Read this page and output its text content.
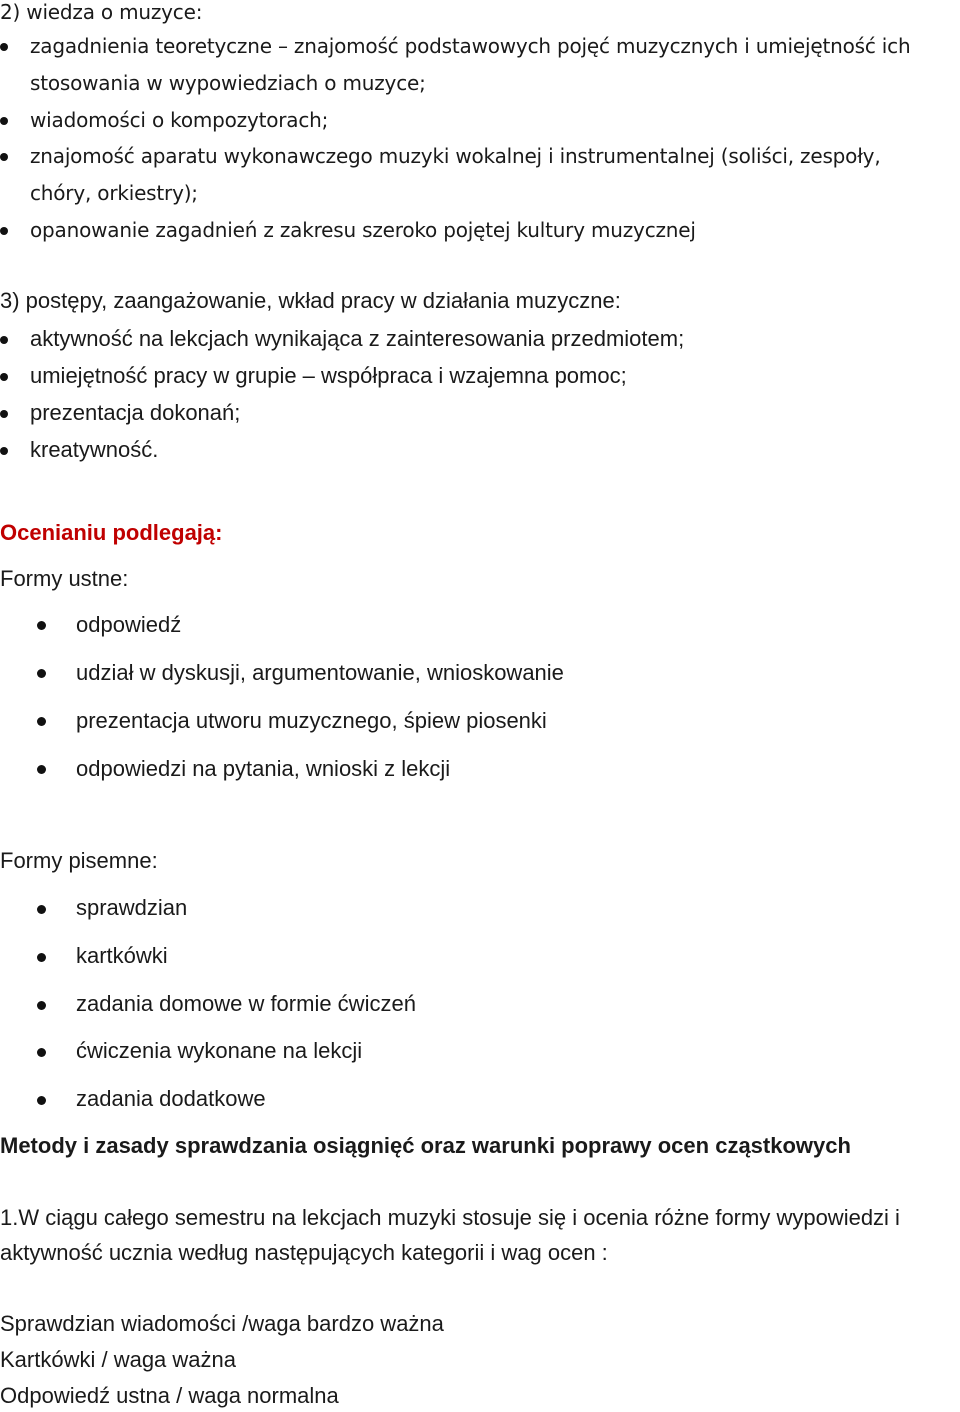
2) wiedza o muzyce:
zagadnienia teoretyczne – znajomość podstawowych pojęć muzycznych i umiejętność ich
stosowania w wypowiedziach o muzyce;
wiadomości o kompozytorach;
znajomość aparatu wykonawczego muzyki wokalnej i instrumentalnej (soliści, zespoły,
chóry, orkiestry);
opanowanie zagadnień z zakresu szeroko pojętej kultury muzycznej
3) postępy, zaangażowanie, wkład pracy w działania muzyczne:
aktywność na lekcjach wynikająca z zainteresowania przedmiotem;
umiejętność pracy w grupie – współpraca i wzajemna pomoc;
prezentacja dokonań;
kreatywność.
Ocenianiu podlegają:
Formy ustne:
odpowiedź
udział w dyskusji, argumentowanie, wnioskowanie
prezentacja utworu muzycznego, śpiew piosenki
odpowiedzi na pytania, wnioski z lekcji
Formy pisemne:
sprawdzian
kartkówki
zadania domowe w formie ćwiczeń
ćwiczenia wykonane na lekcji
zadania dodatkowe
Metody i zasady sprawdzania osiągnięć oraz warunki poprawy ocen cząstkowych
1.W ciągu całego semestru na lekcjach muzyki stosuje się i ocenia różne formy wypowiedzi i
aktywność ucznia według następujących kategorii i wag ocen :
Sprawdzian wiadomości /waga bardzo ważna
Kartkówki / waga ważna
Odpowiedź ustna / waga normalna
